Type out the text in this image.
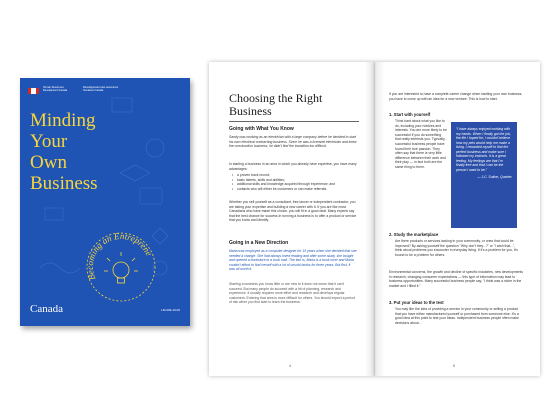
Human Resources Development Canada
Développement des ressources humaines Canada
Minding
Your
Own
Business
Becoming an Entrepreneur
Canada	LM-009-10-00
Choosing the Right Business
Going with What You Know

Sandy was working as an electrician with a large company before he decided to start his own electrical contracting business. Since he was a licensed electrician and knew the construction business, he didn't find the transition too difficult.

In starting a business in an area in which you already have expertise, you have many advantages:

• a proven track record;
• basic talents, skills and abilities;
• additional skills and knowledge acquired through experience; and
• contacts who will either be customers or can make referrals.

Whether you sell yourself as a consultant, free lancer or independent contractor, you are taking your expertise and building a new career with it. If you are like most Canadians who have made this choice, you will fit in a good deal. Many experts say that the best chance for success in running a business is to offer a product or service that you know and identify.

Going in a New Direction

Maria was employed as a computer designer for 15 years when she decided that she needed a change. She had always loved reading and after some study, she bought and opened a bookstore in a local mall. The fact is, Maria is a book lover and Maria couldn't afford to find herself with a lot of unsold books for three years. But first, it was all worth it.

Starting a business you know little or are new to it does not mean that it can't succeed. But many people do succeed with a bit of planning, research and experience. It usually requires more effort and research and develops regular customers. Entering that area is more difficult for others. You should expect a period of risk when you first start to learn the business.

4

If you are interested to have a complete career change when starting your own business, you have to come up with an idea for a new venture. This is how to start.

1. Start with yourself

Think hard about what you like to do, including your hobbies and interests. You are more likely to be successful if you do something that really interests you. Typically, successful business people have found their true passion. They often say that there is very little difference between their work and their play — in fact both are the same thing to them.

"I have always enjoyed working with my hands. When I finally got the job, the life I hoped for, I couldn't believe how my pets would help me make a living. I rewarded myself to find the perfect business and make sure I followed my instincts. It is a great feeling. My feelings are that I'm finally free and that I can be the person I want to be."

— J.C. Sutton, Quebec

2. Study the marketplace

Are there products or services lacking in your community, or ones that could be improved? By asking yourself the question "Why don't they...?" or "I wish that...", think about problems you encounter in everyday living. If it's a problem for you, it's bound to be a problem for others.

Environmental concerns, the growth and decline of specific industries, new developments in research, changing consumer expectations — this type of information may lead to business opportunities. Many successful business people say, "I think was a niche in the market and I filled it."

3. Put your ideas to the test

You may like the idea of providing a service in your community or selling a product that you have either manufactured yourself or purchased from someone else. It's a good idea at this point to test your ideas. Independent business people often make decisions about...

5
